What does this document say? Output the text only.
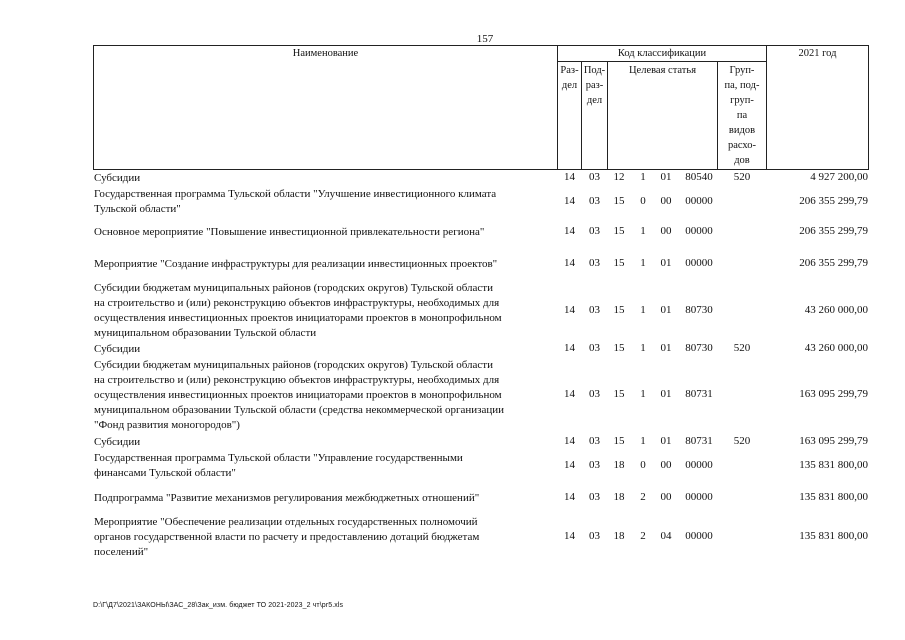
157
Наименование	Код классификации	2021 год
Раз-
дел
Под-
раз-
дел
Целевая статья	Груп-
па, под-
груп-
па
видов
расхо-
дов
Субсидии	14	03	12	1	01	80540	520	4 927 200,00
Государственная программа Тульской области "Улучшение инвестиционного климата
Тульской области"
14	03	15	0	00	00000	206 355 299,79
Основное мероприятие "Повышение инвестиционной привлекательности региона"	14	03	15	1	00	00000	206 355 299,79
Мероприятие "Создание инфраструктуры для реализации инвестиционных проектов"	14	03	15	1	01	00000	206 355 299,79
Субсидии бюджетам муниципальных районов (городских округов) Тульской области
на строительство и (или) реконструкцию объектов инфраструктуры, необходимых для
осуществления инвестиционных проектов инициаторами проектов в монопрофильном
муниципальном образовании Тульской области
14	03	15	1	01	80730	43 260 000,00
Субсидии	14	03	15	1	01	80730	520	43 260 000,00
Субсидии бюджетам муниципальных районов (городских округов) Тульской области
на строительство и (или) реконструкцию объектов инфраструктуры, необходимых для
осуществления инвестиционных проектов инициаторами проектов в монопрофильном
муниципальном образовании Тульской области (средства некоммерческой организации
"Фонд развития моногородов")
14	03	15	1	01	80731	163 095 299,79
Субсидии	14	03	15	1	01	80731	520	163 095 299,79
Государственная программа Тульской области "Управление государственными
финансами Тульской области"
14	03	18	0	00	00000	135 831 800,00
Подпрограмма "Развитие механизмов регулирования межбюджетных отношений"	14	03	18	2	00	00000	135 831 800,00
Мероприятие "Обеспечение реализации отдельных государственных полномочий
органов государственной власти по расчету и предоставлению дотаций бюджетам
поселений"
14	03	18	2	04	00000	135 831 800,00
D:\Г\Д7\2021\ЗАКОНЫ\ЗАС_28\Зак_изм. бюджет ТО 2021-2023_2 чт\pr5.xls
